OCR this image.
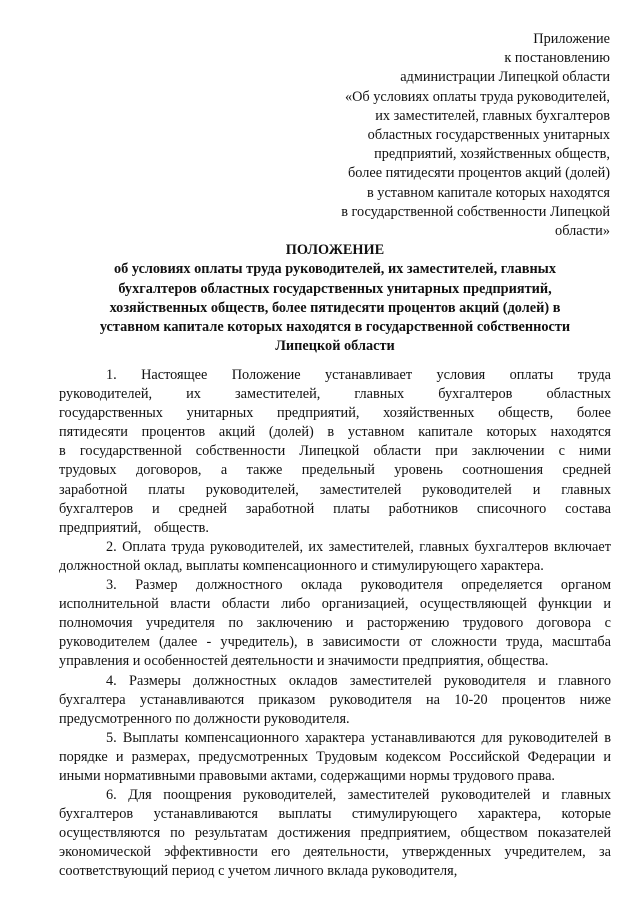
Приложение
к постановлению
администрации Липецкой области
«Об условиях оплаты труда руководителей,
их заместителей, главных бухгалтеров
областных государственных унитарных
предприятий, хозяйственных обществ,
более пятидесяти процентов акций (долей)
в уставном капитале которых находятся
в государственной собственности Липецкой
области»
ПОЛОЖЕНИЕ
об условиях оплаты труда руководителей, их заместителей, главных
бухгалтеров областных государственных унитарных предприятий,
хозяйственных обществ, более пятидесяти процентов акций (долей) в
уставном капитале которых находятся в государственной собственности
Липецкой области

1. Настоящее Положение устанавливает условия оплаты труда руководителей, их заместителей, главных бухгалтеров областных государственных унитарных предприятий, хозяйственных обществ, более пятидесяти процентов акций (долей) в уставном капитале которых находятся в государственной собственности Липецкой области при заключении с ними трудовых договоров, а также предельный уровень соотношения средней заработной платы руководителей, заместителей руководителей и главных бухгалтеров и средней заработной платы работников списочного состава предприятий, обществ.

2. Оплата труда руководителей, их заместителей, главных бухгалтеров включает должностной оклад, выплаты компенсационного и стимулирующего характера.

3. Размер должностного оклада руководителя определяется органом исполнительной власти области либо организацией, осуществляющей функции и полномочия учредителя по заключению и расторжению трудового договора с руководителем (далее - учредитель), в зависимости от сложности труда, масштаба управления и особенностей деятельности и значимости предприятия, общества.

4. Размеры должностных окладов заместителей руководителя и главного бухгалтера устанавливаются приказом руководителя на 10-20 процентов ниже предусмотренного по должности руководителя.

5. Выплаты компенсационного характера устанавливаются для руководителей в порядке и размерах, предусмотренных Трудовым кодексом Российской Федерации и иными нормативными правовыми актами, содержащими нормы трудового права.

6. Для поощрения руководителей, заместителей руководителей и главных бухгалтеров устанавливаются выплаты стимулирующего характера, которые осуществляются по результатам достижения предприятием, обществом показателей экономической эффективности его деятельности, утвержденных учредителем, за соответствующий период с учетом личного вклада руководителя,
